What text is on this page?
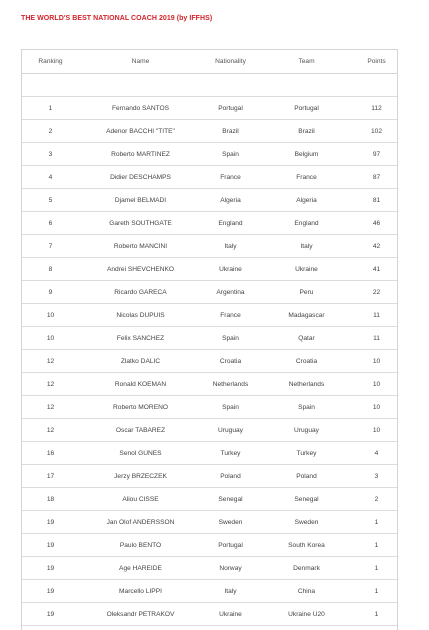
THE WORLD'S BEST NATIONAL COACH 2019 (by IFFHS)
Ranking	Name	Nationality	Team	Points

1	Fernando SANTOS	Portugal	Portugal	112
2	Adenor BACCHI "TITE"	Brazil	Brazil	102
3	Roberto MARTINEZ	Spain	Belgium	97
4	Didier DESCHAMPS	France	France	87
5	Djamel BELMADI	Algeria	Algeria	81
6	Gareth SOUTHGATE	England	England	46
7	Roberto MANCINI	Italy	Italy	42
8	Andrei SHEVCHENKO	Ukraine	Ukraine	41
9	Ricardo GARECA	Argentina	Peru	22
10	Nicolas DUPUIS	France	Madagascar	11
10	Felix SANCHEZ	Spain	Qatar	11
12	Zlatko DALIC	Croatia	Croatia	10
12	Ronald KOEMAN	Netherlands	Netherlands	10
12	Roberto MORENO	Spain	Spain	10
12	Oscar TABAREZ	Uruguay	Uruguay	10
16	Senol GUNES	Turkey	Turkey	4
17	Jerzy BRZECZEK	Poland	Poland	3
18	Aliou CISSE	Senegal	Senegal	2
19	Jan Olof ANDERSSON	Sweden	Sweden	1
19	Paulo BENTO	Portugal	South Korea	1
19	Age HAREIDE	Norway	Denmark	1
19	Marcello LIPPI	Italy	China	1
19	Oleksandr PETRAKOV	Ukraine	Ukraine U20	1
